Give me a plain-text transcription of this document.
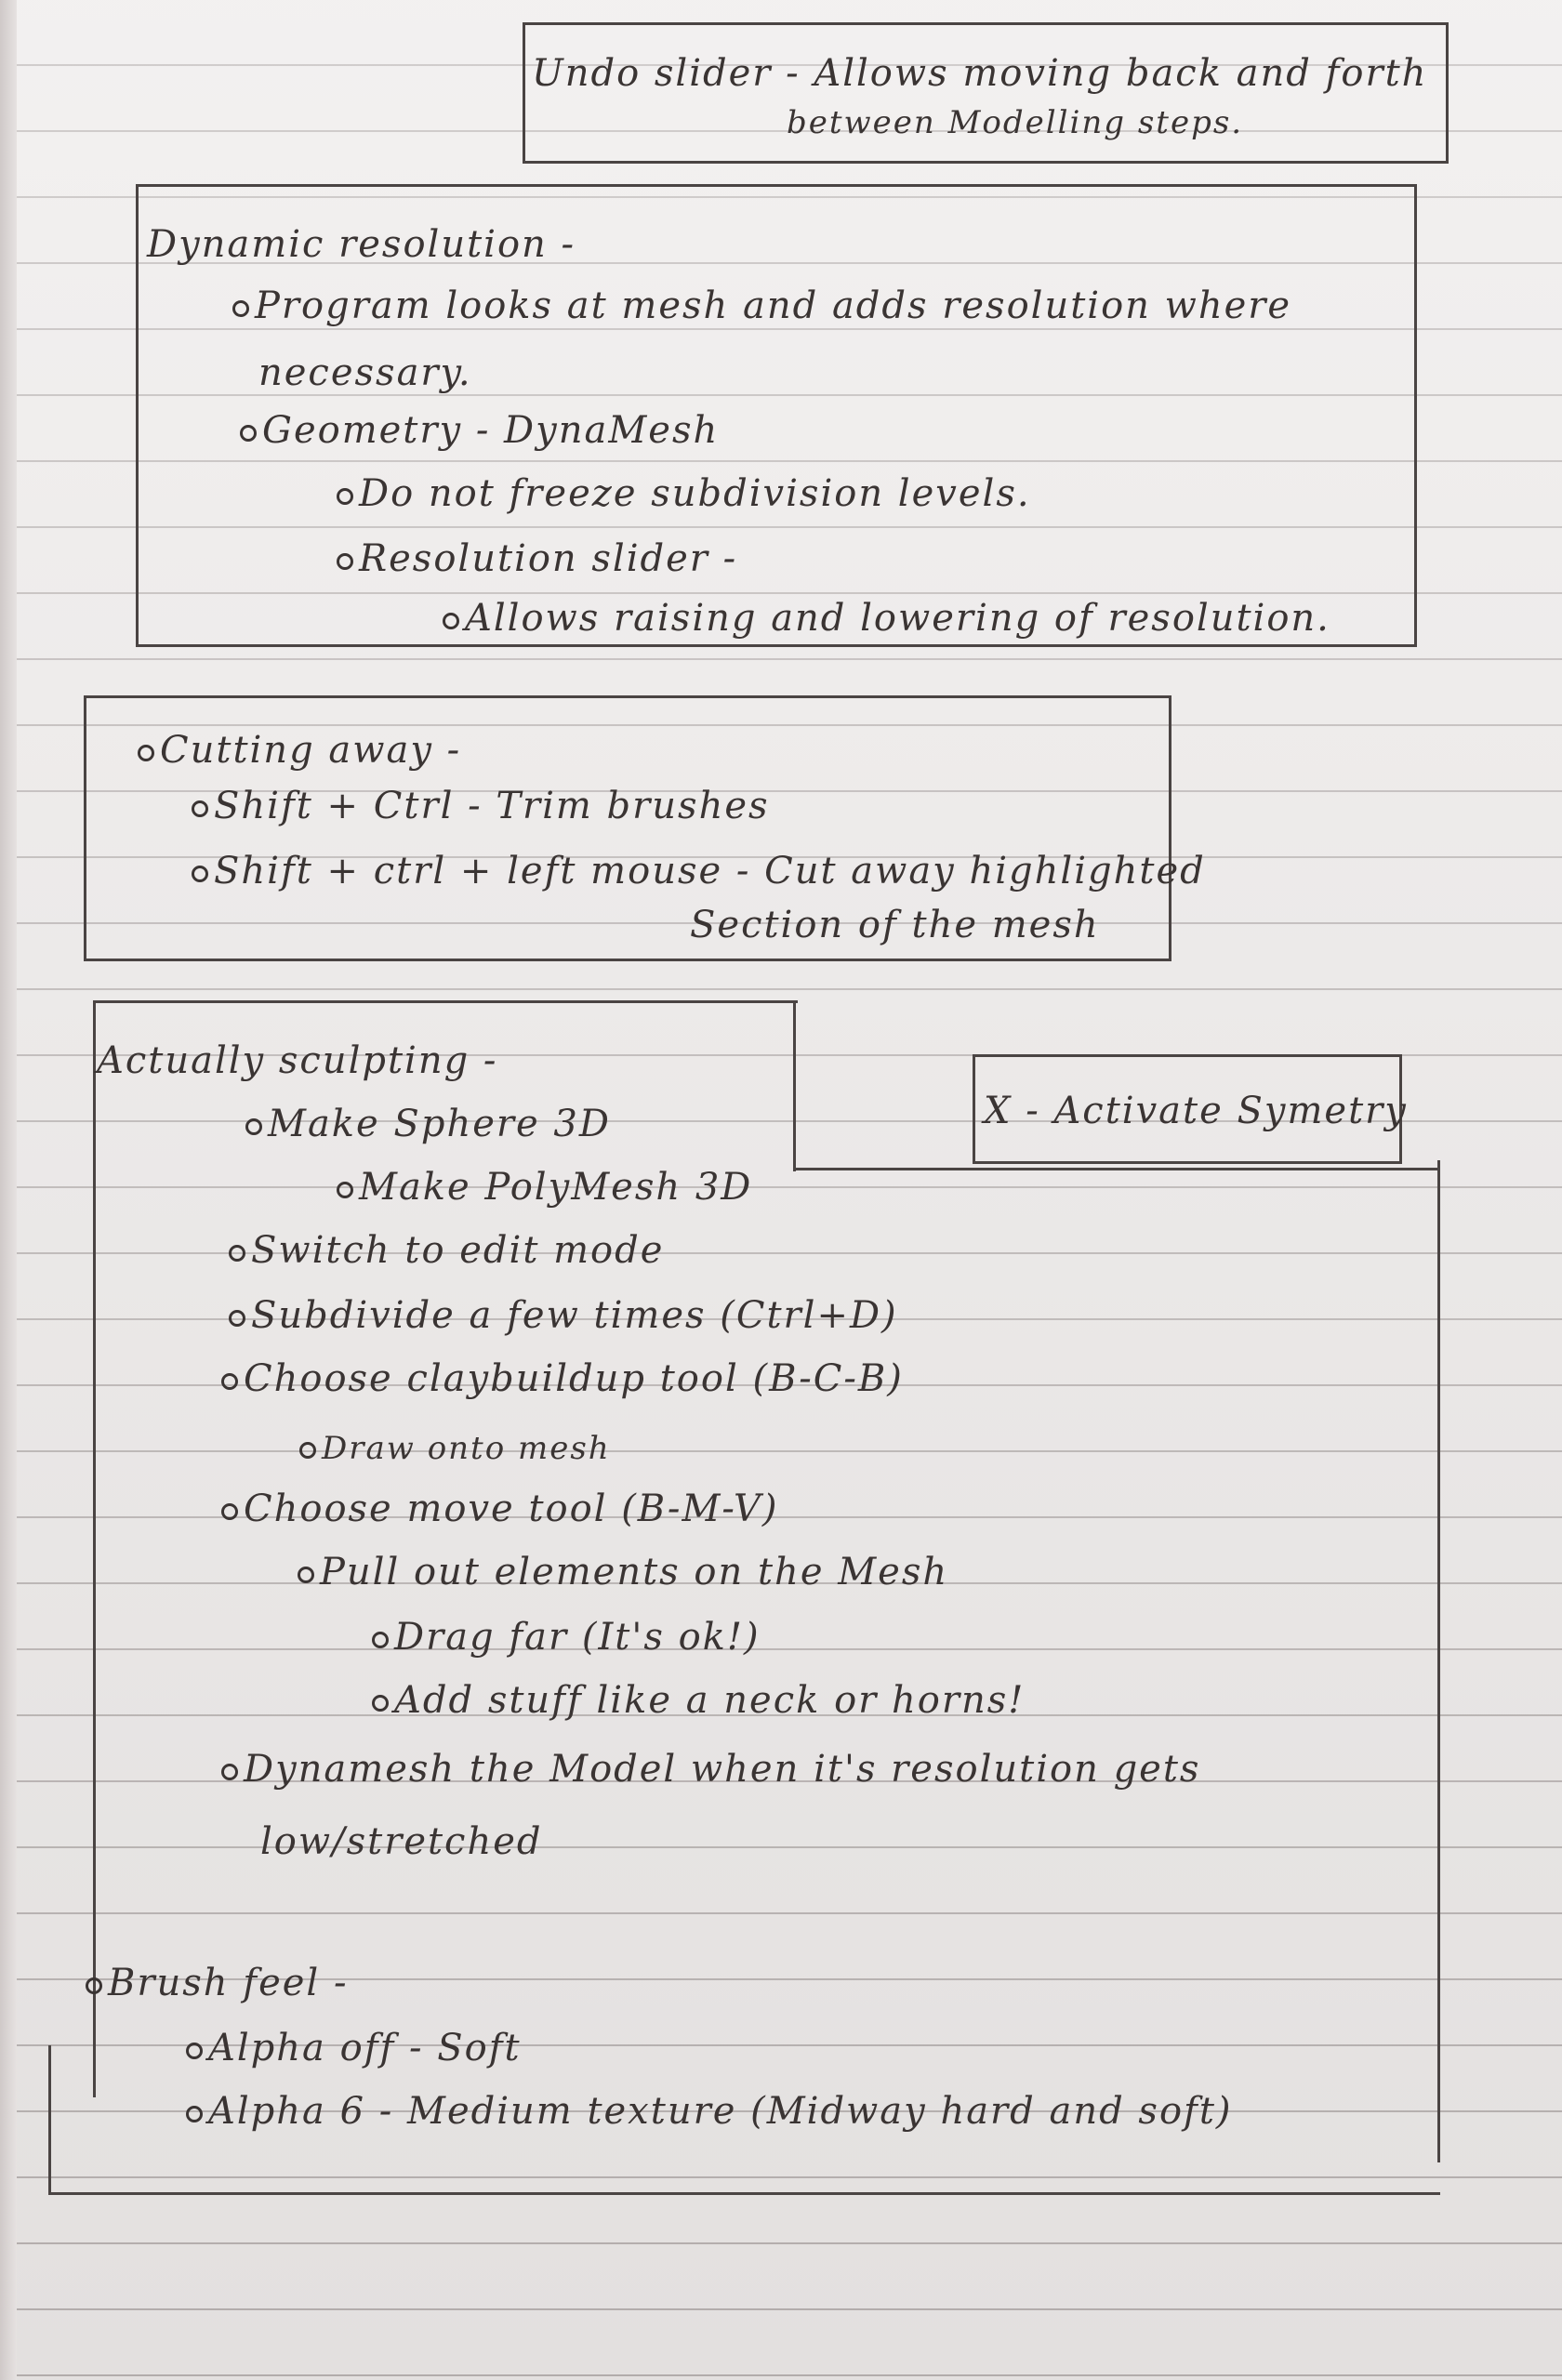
Undo slider - Allows moving back and forth
between Modelling steps.
Dynamic resolution -
Program looks at mesh and adds resolution where
necessary.
Geometry - DynaMesh
Do not freeze subdivision levels.
Resolution slider -
Allows raising and lowering of resolution.
Cutting away -
Shift + Ctrl - Trim brushes
Shift + ctrl + left mouse - Cut away highlighted
Section of the mesh
X - Activate Symetry
Actually sculpting -
Make Sphere 3D
Make PolyMesh 3D
Switch to edit mode
Subdivide a few times (Ctrl+D)
Choose claybuildup tool (B-C-B)
Draw onto mesh
Choose move tool (B-M-V)
Pull out elements on the Mesh
Drag far (It's ok!)
Add stuff like a neck or horns!
Dynamesh the Model when it's resolution gets
low/stretched
Brush feel -
Alpha off - Soft
Alpha 6 - Medium texture (Midway hard and soft)
